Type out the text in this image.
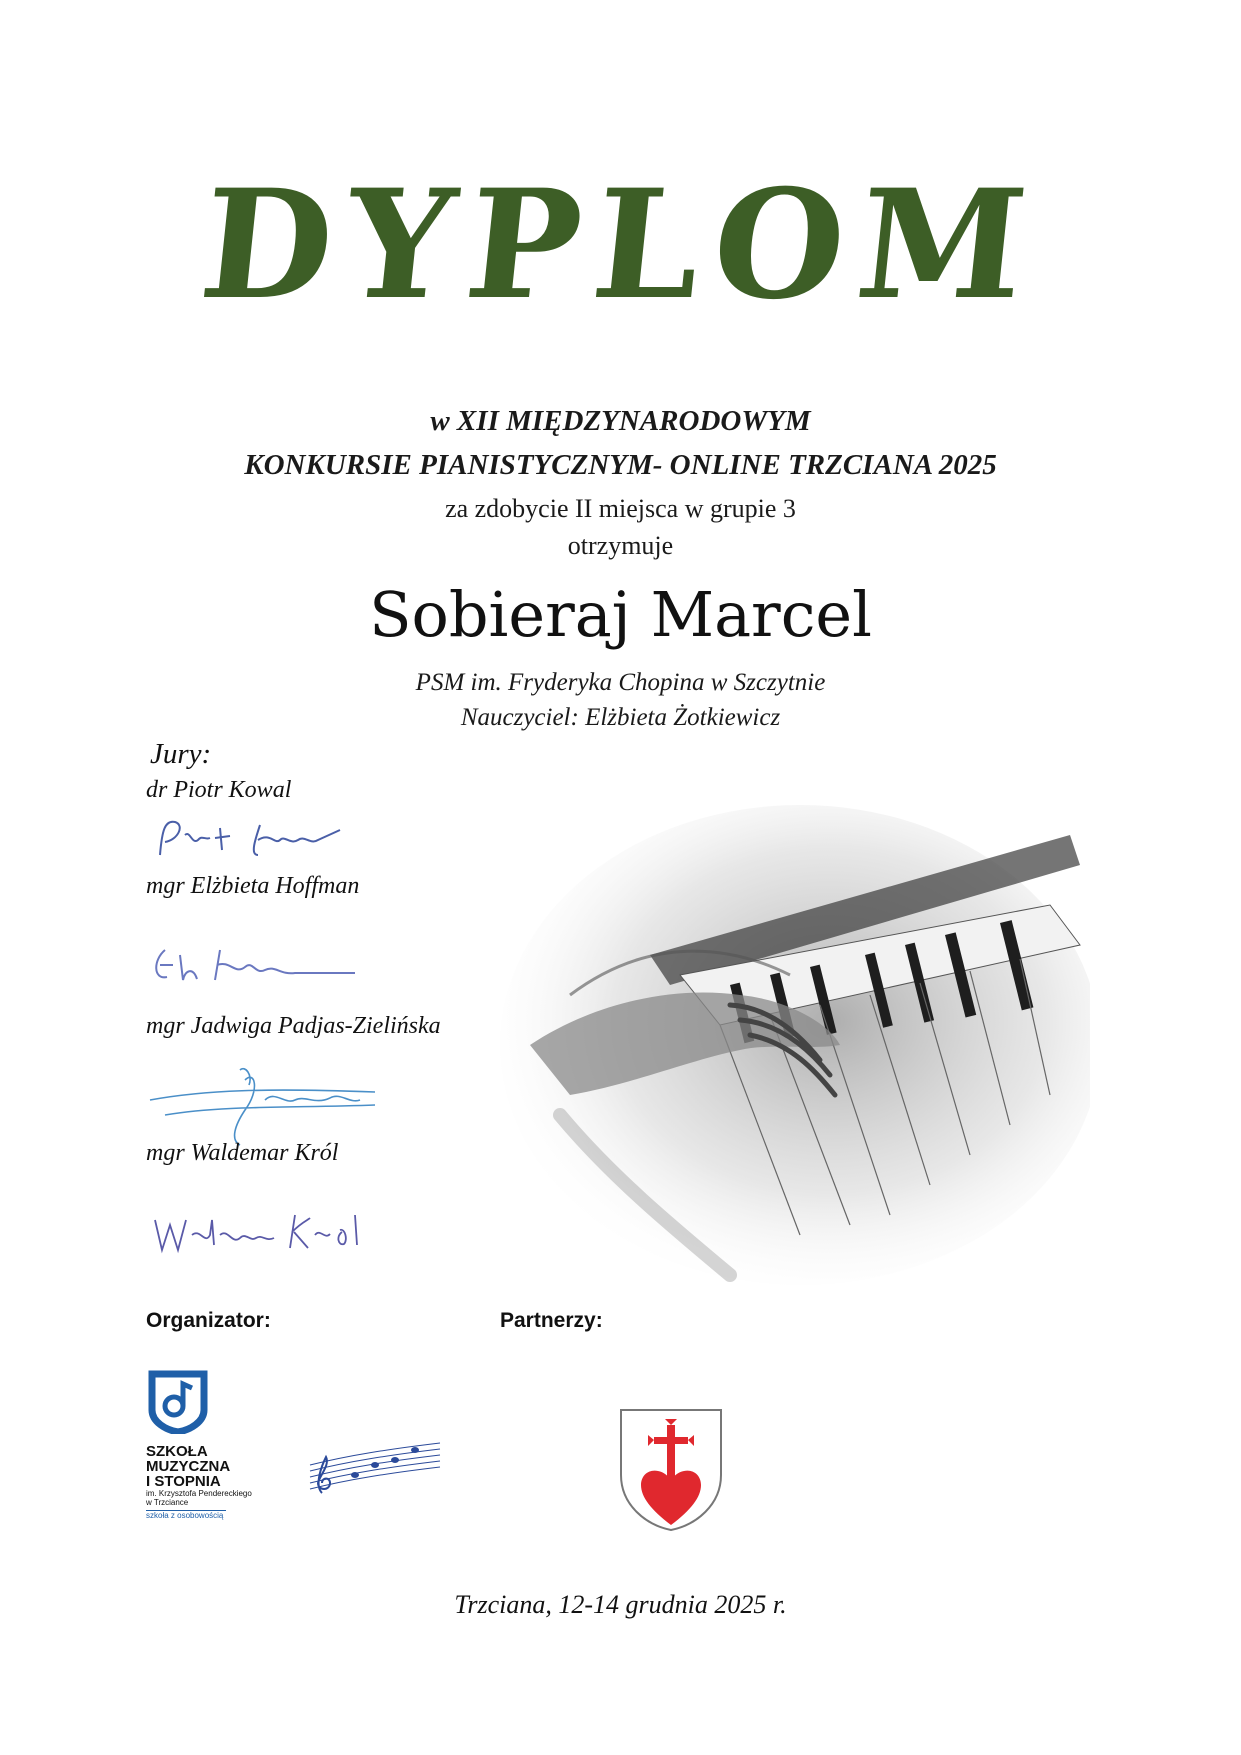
DYPLOM
w XII MIĘDZYNARODOWYM
KONKURSIE PIANISTYCZNYM- ONLINE TRZCIANA 2025
za zdobycie II miejsca w grupie 3
otrzymuje
Sobieraj Marcel
PSM im. Fryderyka Chopina w Szczytnie
Nauczyciel: Elżbieta Żotkiewicz
Jury:
dr Piotr Kowal
mgr Elżbieta Hoffman
mgr Jadwiga Padjas-Zielińska
mgr Waldemar Król
Organizator:	Partnerzy:
SZKOŁA
MUZYCZNA
I STOPNIA
im. Krzysztofa Pendereckiego
w Trzciance
szkoła z osobowością
Trzciana, 12-14 grudnia 2025 r.
